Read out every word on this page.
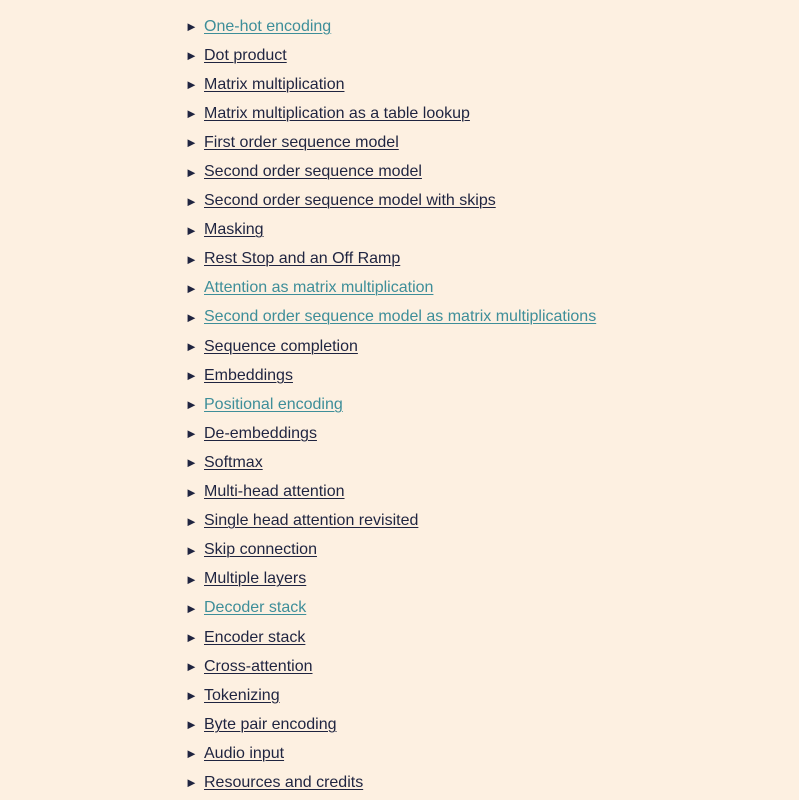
► One-hot encoding
► Dot product
► Matrix multiplication
► Matrix multiplication as a table lookup
► First order sequence model
► Second order sequence model
► Second order sequence model with skips
► Masking
► Rest Stop and an Off Ramp
► Attention as matrix multiplication
► Second order sequence model as matrix multiplications
► Sequence completion
► Embeddings
► Positional encoding
► De-embeddings
► Softmax
► Multi-head attention
► Single head attention revisited
► Skip connection
► Multiple layers
► Decoder stack
► Encoder stack
► Cross-attention
► Tokenizing
► Byte pair encoding
► Audio input
► Resources and credits
